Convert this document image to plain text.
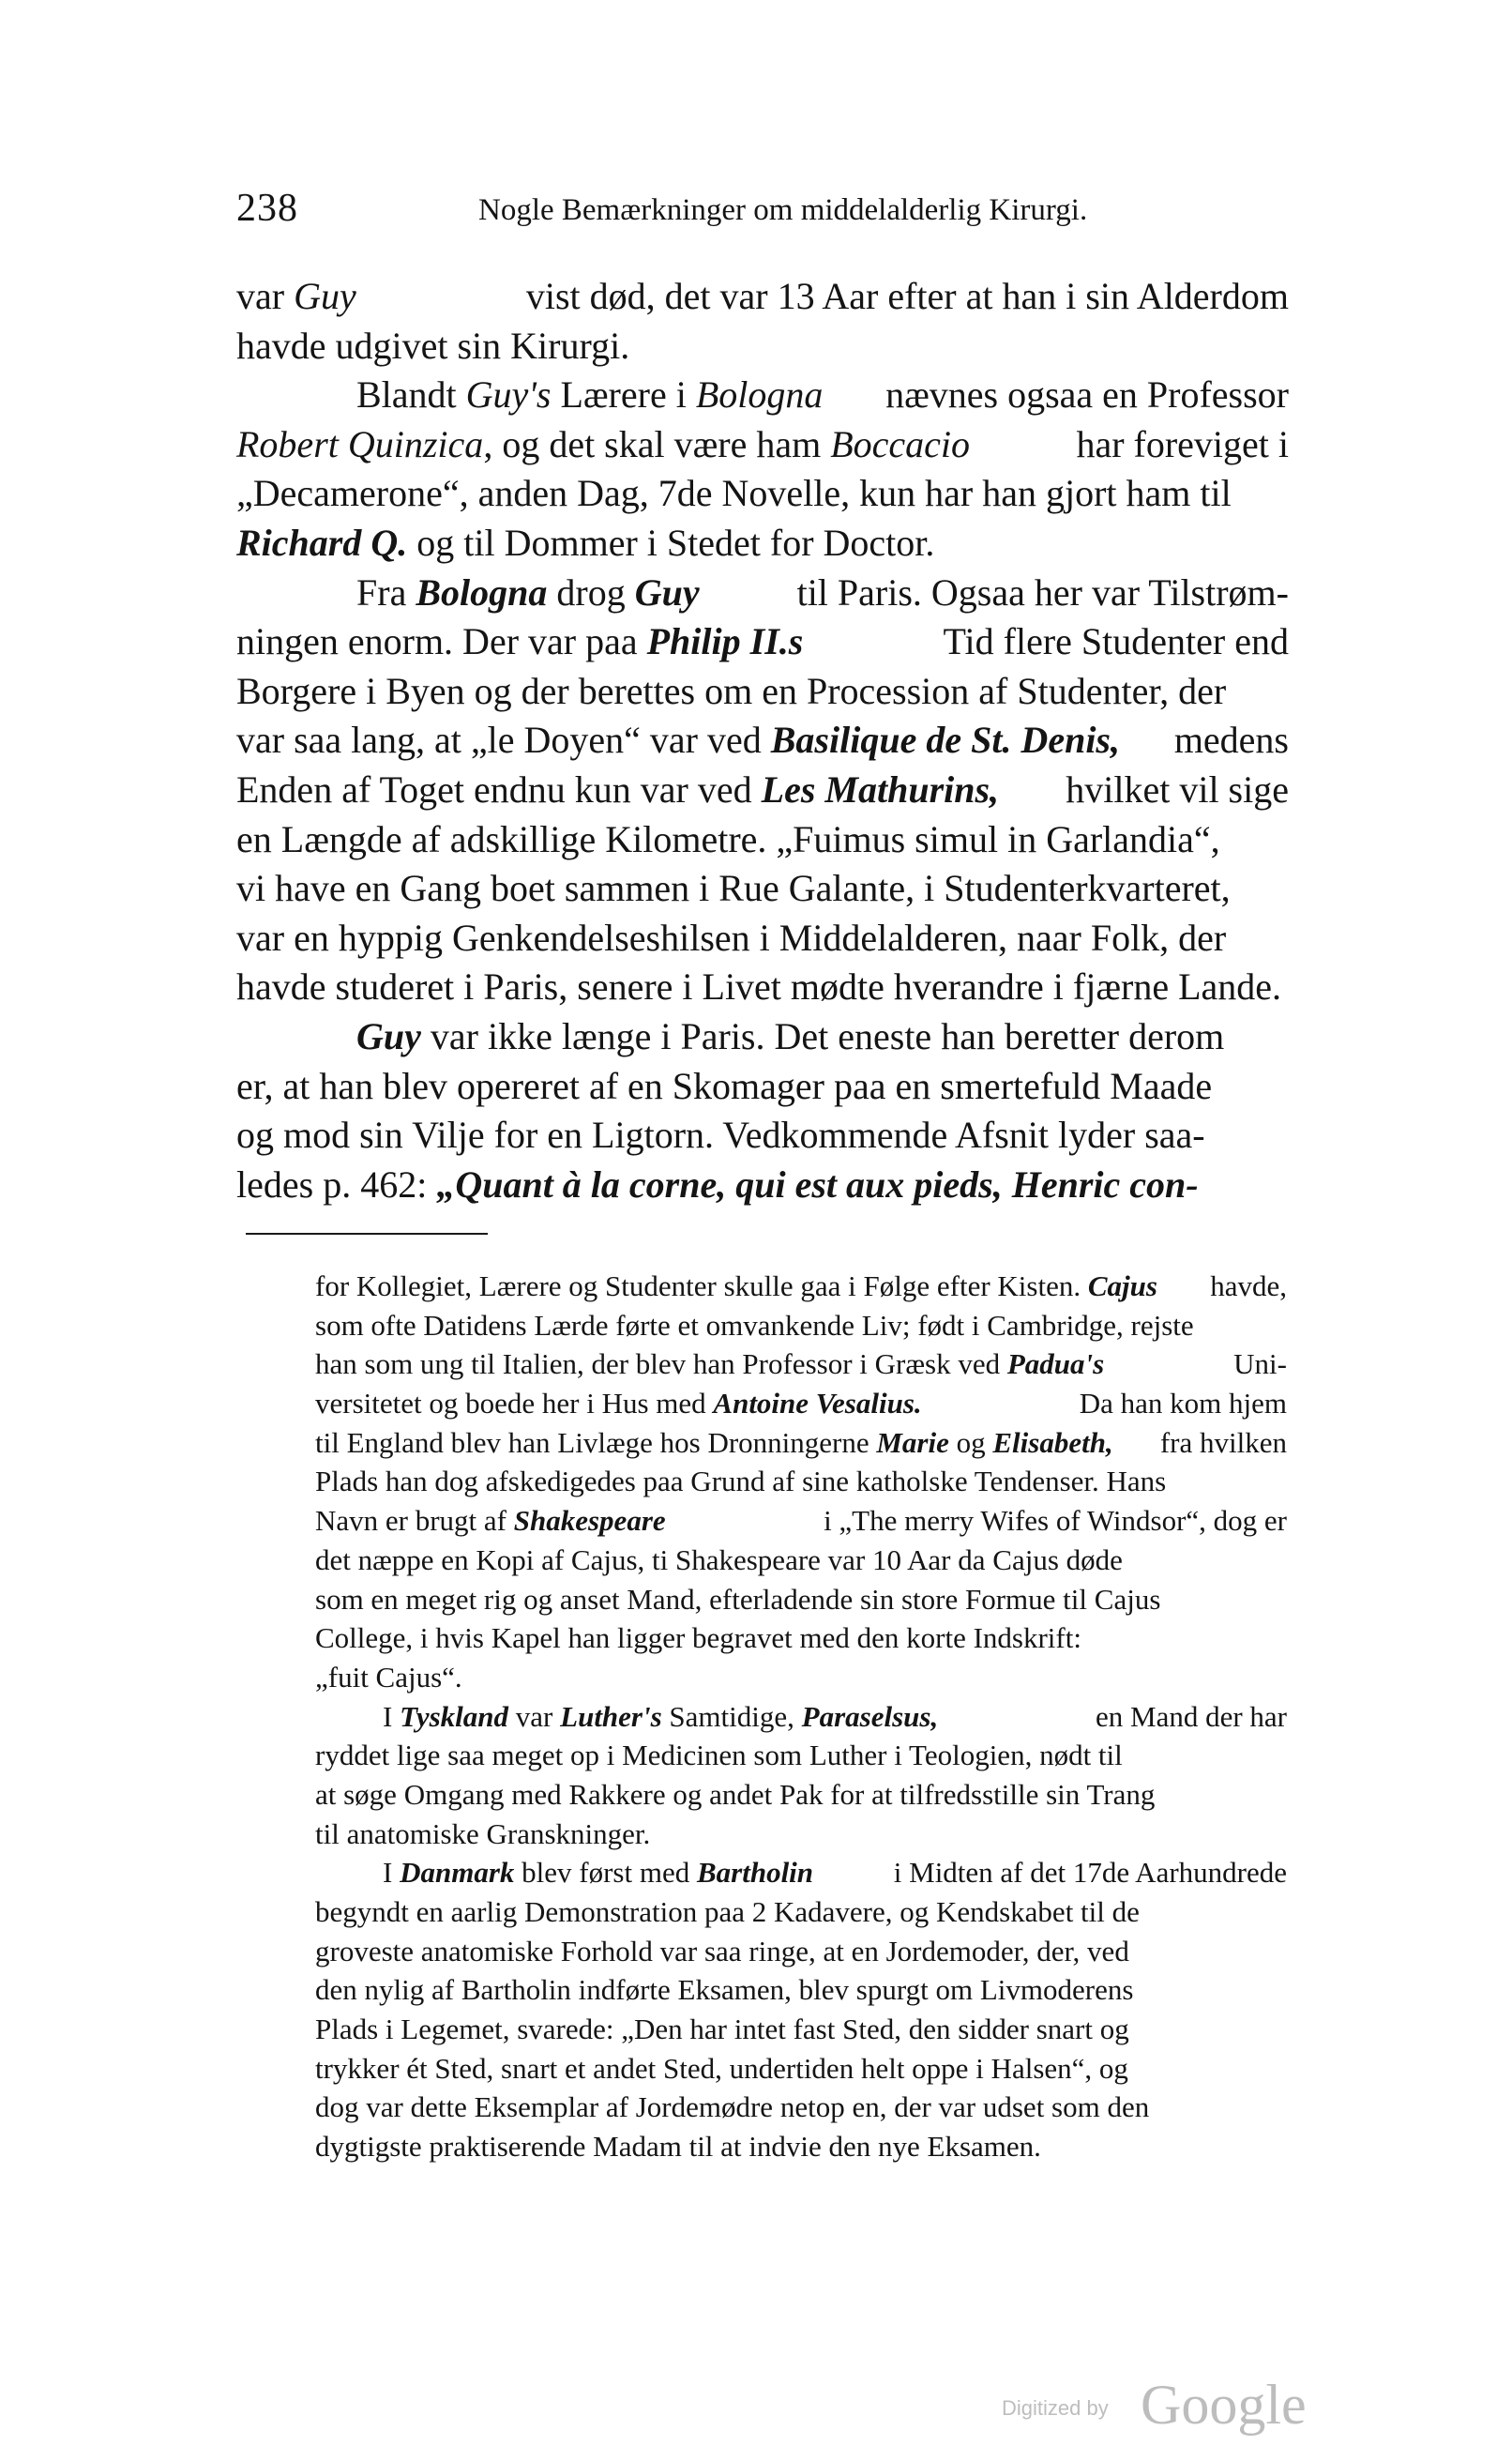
238	Nogle Bemærkninger om middelalderlig Kirurgi.
var Guy	vist død, det var 13 Aar efter at han i sin Alderdom
havde udgivet sin Kirurgi.
Blandt Guy's Lærere i Bologna nævnes ogsaa en Professor
Robert Quinzica, og det skal være ham Boccacio	har foreviget i
„Decamerone“, anden Dag, 7de Novelle, kun har han gjort ham til
Richard Q. og til Dommer i Stedet for Doctor.
Fra Bologna drog Guy	til Paris. Ogsaa her var Tilstrøm-
ningen enorm. Der var paa Philip II.s	Tid flere Studenter end
Borgere i Byen og der berettes om en Procession af Studenter, der
var saa lang, at „le Doyen“ var ved Basilique de St. Denis, medens
Enden af Toget endnu kun var ved Les Mathurins, hvilket vil sige
en Længde af adskillige Kilometre. „Fuimus simul in Garlandia“,
vi have en Gang boet sammen i Rue Galante, i Studenterkvarteret,
var en hyppig Genkendelseshilsen i Middelalderen, naar Folk, der
havde studeret i Paris, senere i Livet mødte hverandre i fjærne Lande.
Guy var ikke længe i Paris. Det eneste han beretter derom
er, at han blev opereret af en Skomager paa en smertefuld Maade
og mod sin Vilje for en Ligtorn. Vedkommende Afsnit lyder saa-
ledes p. 462: „Quant à la corne, qui est aux pieds, Henric con-
for Kollegiet, Lærere og Studenter skulle gaa i Følge efter Kisten. Cajus havde,
som ofte Datidens Lærde førte et omvankende Liv; født i Cambridge, rejste
han som ung til Italien, der blev han Professor i Græsk ved Padua's	Uni-
versitetet og boede her i Hus med Antoine Vesalius.	Da han kom hjem
til England blev han Livlæge hos Dronningerne Marie og Elisabeth, fra hvilken
Plads han dog afskedigedes paa Grund af sine katholske Tendenser. Hans
Navn er brugt af Shakespeare	i „The merry Wifes of Windsor“, dog er
det næppe en Kopi af Cajus, ti Shakespeare var 10 Aar da Cajus døde
som en meget rig og anset Mand, efterladende sin store Formue til Cajus
College, i hvis Kapel han ligger begravet med den korte Indskrift:
„fuit Cajus“.
I Tyskland var Luther's Samtidige, Paraselsus,	en Mand der har
ryddet lige saa meget op i Medicinen som Luther i Teologien, nødt til
at søge Omgang med Rakkere og andet Pak for at tilfredsstille sin Trang
til anatomiske Granskninger.
I Danmark blev først med Bartholin	i Midten af det 17de Aarhundrede
begyndt en aarlig Demonstration paa 2 Kadavere, og Kendskabet til de
groveste anatomiske Forhold var saa ringe, at en Jordemoder, der, ved
den nylig af Bartholin indførte Eksamen, blev spurgt om Livmoderens
Plads i Legemet, svarede: „Den har intet fast Sted, den sidder snart og
trykker ét Sted, snart et andet Sted, undertiden helt oppe i Halsen“, og
dog var dette Eksemplar af Jordemødre netop en, der var udset som den
dygtigste praktiserende Madam til at indvie den nye Eksamen.
Digitized by Google
